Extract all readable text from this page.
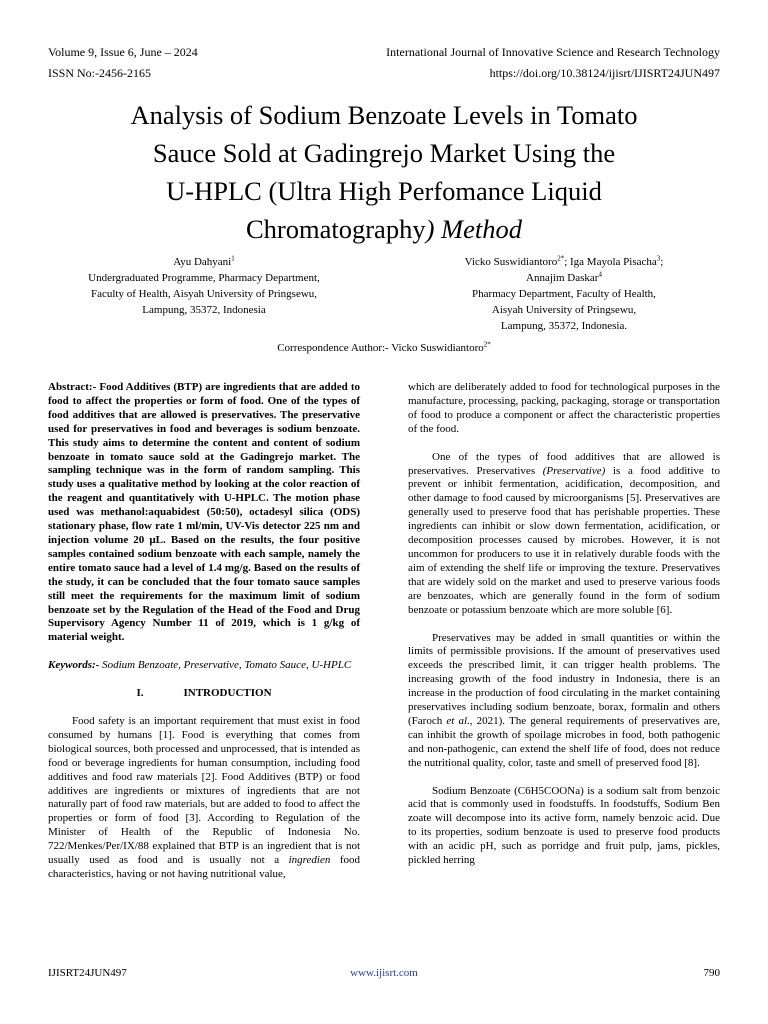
Volume 9, Issue 6, June – 2024	International Journal of Innovative Science and Research Technology
ISSN No:-2456-2165	https://doi.org/10.38124/ijisrt/IJISRT24JUN497
Analysis of Sodium Benzoate Levels in Tomato
Sauce Sold at Gadingrejo Market Using the
U-HPLC (Ultra High Perfomance Liquid
Chromatography) Method
Ayu Dahyani$^1$
Undergraduated Programme, Pharmacy Department,
Faculty of Health, Aisyah University of Pringsewu,
Lampung, 35372, Indonesia
Vicko Suswidiantoro$^{2*}$; Iga Mayola Pisacha$^3$;
Annajim Daskar$^4$
Pharmacy Department, Faculty of Health,
Aisyah University of Pringsewu,
Lampung, 35372, Indonesia.
Correspondence Author:- Vicko Suswidiantoro$^{2*}$

Abstract:- Food Additives (BTP) are ingredients that are added to food to affect the properties or form of food. One of the types of food additives that are allowed is preservatives. The preservative used for preservatives in food and beverages is sodium benzoate. This study aims to determine the content and content of sodium benzoate in tomato sauce sold at the Gadingrejo market. The sampling technique was in the form of random sampling. This study uses a qualitative method by looking at the color reaction of the reagent and quantitatively with U-HPLC. The motion phase used was methanol:aquabidest (50:50), octadesyl silica (ODS) stationary phase, flow rate 1 ml/min, UV-Vis detector 225 nm and injection volume 20 µL. Based on the results, the four positive samples contained sodium benzoate with each sample, namely the entire tomato sauce had a level of 1.4 mg/g. Based on the results of the study, it can be concluded that the four tomato sauce samples still meet the requirements for the maximum limit of sodium benzoate set by the Regulation of the Head of the Food and Drug Supervisory Agency Number 11 of 2019, which is 1 g/kg of material weight.

Keywords:- Sodium Benzoate, Preservative, Tomato Sauce, U-HPLC

I.	INTRODUCTION

Food safety is an important requirement that must exist in food consumed by humans [1]. Food is everything that comes from biological sources, both processed and unprocessed, that is intended as food or beverage ingredients for human consumption, including food additives and food raw materials [2]. Food Additives (BTP) or food additives are ingredients or mixtures of ingredients that are not naturally part of food raw materials, but are added to food to affect the properties or form of food [3]. According to Regulation of the Minister of Health of the Republic of Indonesia No. 722/Menkes/Per/IX/88 explained that BTP is an ingredient that is not usually used as food and is usually not a ingredien food characteristics, having or not having nutritional value,

which are deliberately added to food for technological purposes in the manufacture, processing, packing, packaging, storage or transportation of food to produce a component or affect the characteristic properties of the food.

One of the types of food additives that are allowed is preservatives. Preservatives (Preservative) is a food additive to prevent or inhibit fermentation, acidification, decomposition, and other damage to food caused by microorganisms [5]. Preservatives are generally used to preserve food that has perishable properties. These ingredients can inhibit or slow down fermentation, acidification, or decomposition processes caused by microbes. However, it is not uncommon for producers to use it in relatively durable foods with the aim of extending the shelf life or improving the texture. Preservatives that are widely sold on the market and used to preserve various foods are benzoates, which are generally found in the form of sodium benzoate or potassium benzoate which are more soluble [6].

Preservatives may be added in small quantities or within the limits of permissible provisions. If the amount of preservatives used exceeds the prescribed limit, it can trigger health problems. The increasing growth of the food industry in Indonesia, there is an increase in the production of food circulating in the market containing preservatives including sodium benzoate, borax, formalin and others (Faroch et al., 2021). The general requirements of preservatives are, can inhibit the growth of spoilage microbes in food, both pathogenic and non-pathogenic, can extend the shelf life of food, does not reduce the nutritional quality, color, taste and smell of preserved food [8].

Sodium Benzoate (C6H5COONa) is a sodium salt from benzoic acid that is commonly used in foodstuffs. In foodstuffs, Sodium Ben zoate will decompose into its active form, namely benzoic acid. Due to its properties, sodium benzoate is used to preserve food products with an acidic pH, such as porridge and fruit pulp, jams, pickles, pickled herring

IJISRT24JUN497	www.ijisrt.com	790
